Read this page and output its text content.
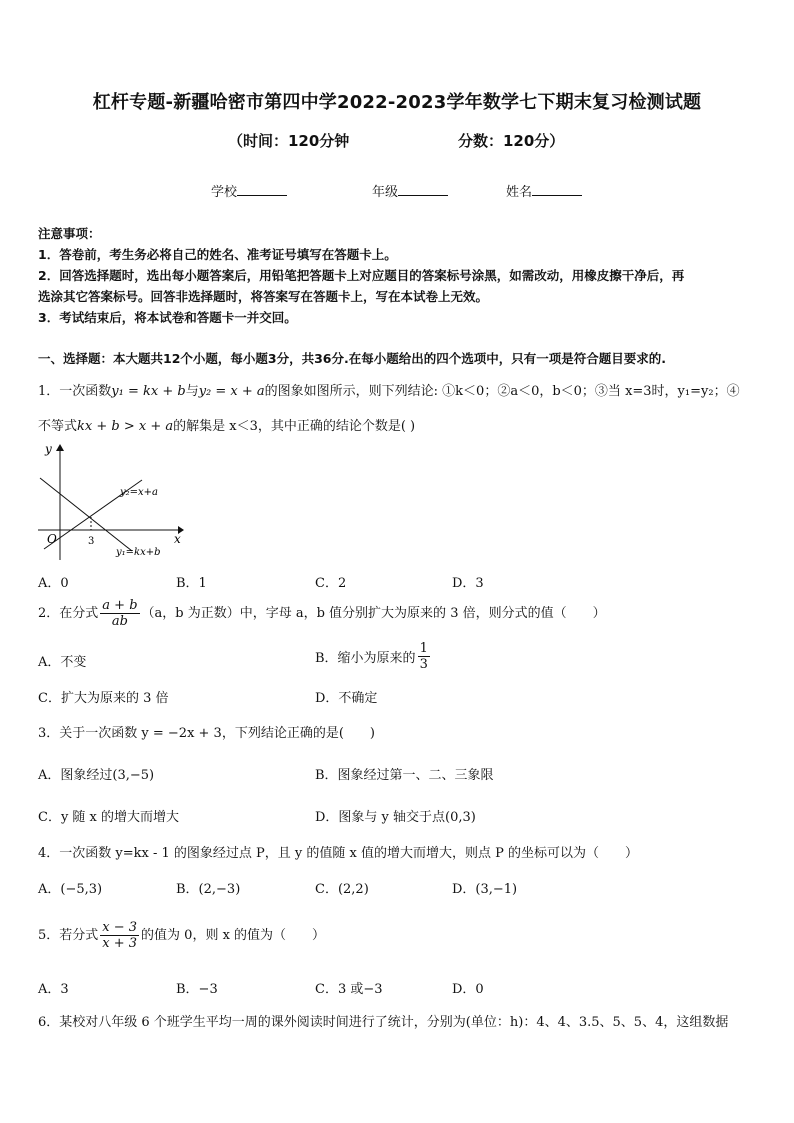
杠杆专题-新疆哈密市第四中学2022-2023学年数学七下期末复习检测试题
（时间：120分钟	分数：120分）
学校	年级	姓名
注意事项：
1．答卷前，考生务必将自己的姓名、准考证号填写在答题卡上。
2．回答选择题时，选出每小题答案后，用铅笔把答题卡上对应题目的答案标号涂黑，如需改动，用橡皮擦干净后，再
选涂其它答案标号。回答非选择题时，将答案写在答题卡上，写在本试卷上无效。
3．考试结束后，将本试卷和答题卡一并交回。
一、选择题：本大题共12个小题，每小题3分，共36分.在每小题给出的四个选项中，只有一项是符合题目要求的.
1．一次函数y₁ = kx + b与y₂ = x + a的图象如图所示，则下列结论: ①k＜0；②a＜0，b＜0；③当 x=3时，y₁=y₂；④
不等式kx + b > x + a的解集是 x＜3，其中正确的结论个数是( )
y
x
O	3
y₂=x+a
y₁=kx+b
A．0	B．1	C．2	D．3
2．在分式 $\frac{a + b}{ab} (a$，b 为正数）中，字母 a，b 值分别扩大为原来的 3 倍，则分式的值（　　）
A．不变	B．缩小为原来的 $\frac{1}{3}$
C．扩大为原来的 3 倍	D．不确定
3．关于一次函数 y = −2x + 3，下列结论正确的是(　　)
A．图象经过(3,−5)	B．图象经过第一、二、三象限
C．y 随 x 的增大而增大	D．图象与 y 轴交于点(0,3)
4．一次函数 y=kx - 1 的图象经过点 P，且 y 的值随 x 值的增大而增大，则点 P 的坐标可以为（　　）
A．(−5,3)	B．(2,−3)	C．(2,2)	D．(3,−1)
5．若分式 $\frac{x - 3}{x + 3}$ 的值为 0，则 x 的值为（　　）
A．3	B．−3	C．3 或−3	D．0
6．某校对八年级 6 个班学生平均一周的课外阅读时间进行了统计，分别为(单位：h)：4、4、3.5、5、5、4，这组数据
